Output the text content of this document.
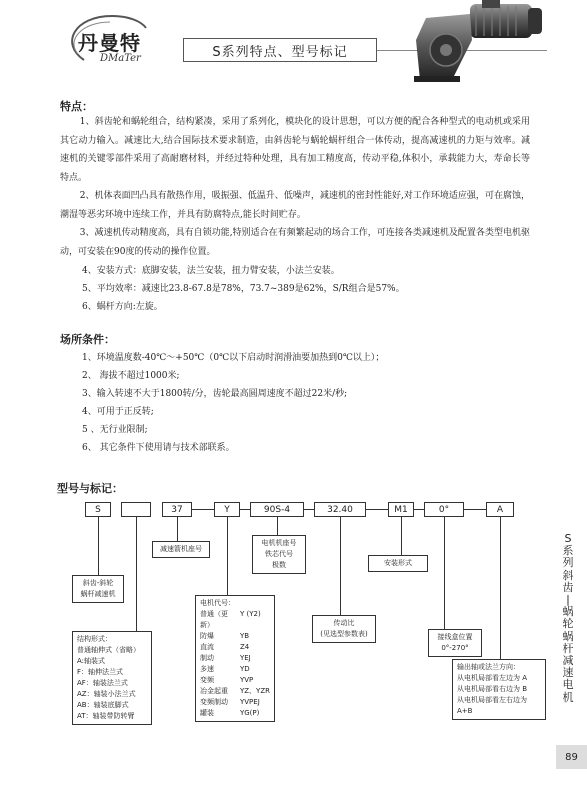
丹曼特
DMaTer	S系列特点、型号标记
特点：

1、斜齿轮和蜗轮组合，结构紧凑，采用了系列化，模块化的设计思想，可以方便的配合各种型式的电动机或采用其它动力输入。减速比大,结合国际技术要求制造，由斜齿轮与蜗轮蜗杆组合一体传动，提高减速机的力矩与效率。减速机的关键零部件采用了高耐磨材料，并经过特种处理，具有加工精度高，传动平稳,体积小，承载能力大，寿命长等特点。

2、机体表面凹凸具有散热作用，吸振强、低温升、低噪声，减速机的密封性能好,对工作环境适应强，可在腐蚀，潮湿等恶劣环境中连续工作，并具有防腐特点,能长时间贮存。

3、减速机传动精度高，具有自锁功能,特别适合在有频繁起动的场合工作，可连接各类减速机及配置各类型电机驱动，可安装在90度的传动的操作位置。

4、安装方式：底脚安装，法兰安装，扭力臂安装，小法兰安装。
5、平均效率：减速比23.8-67.8是78%，73.7~389是62%，S/R组合是57%。
6、蜗杆方向:左旋。
场所条件：
1、环境温度数-40℃～+50℃（0℃以下启动时润滑油要加热到0℃以上）；
2、 海拔不超过1000米;
3、输入转速不大于1800转/分，齿轮最高圆周速度不超过22米/秒;
4、可用于正反转;
5 、无行业限制;
6、 其它条件下使用请与技术部联系。
型号与标记：
S	37	Y	90S-4	32.40	M1	0°	A
斜齿-斜轮
蜗杆减速机
减速箭机座号
电机机座号
铁芯代号
极数	安装形式
传动比
(见选型参数表)	接线盒位置
0°-270°
电机代号：
普通（更新）
Y (Y2)
防爆	YB
直流	Z4
制动	YEJ
多速	YD
变频	YVP
冶金起重 YZ、YZR
变频制动 YVPEJ
罐装	YG(P)
结构形式：
普通轴伸式（省略）
A:轴装式
F：轴伸法兰式
AF：轴装法兰式
AZ：轴装小法兰式
AB：轴装底脚式
AT：轴装带防转臂
输出轴或法兰方向：
从电机局部看左边为 A
从电机局部看右边为 B
从电机局部看左右边为 A+B
S
系
列
斜
齿
|
蜗
轮
蜗
杆
减
速
电
机
89
